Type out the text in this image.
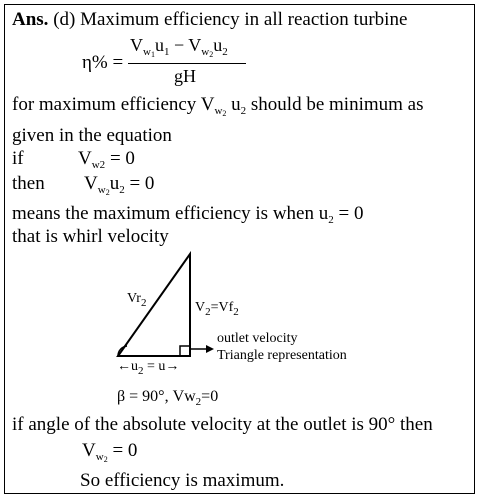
Ans. (d) Maximum efficiency in all reaction turbine
η% =
$V_{w_1}u_1 - V_{w_2}u_2$
gH
for maximum efficiency $V_{w_2}$ $u_2$ should be minimum as
given in the equation
if	$V_{w2} = 0$
then $V_{w_2}u_2 = 0$
means the maximum efficiency is when $u_2 = 0$
that is whirl velocity
$Vr_2$	$V_2=Vf_2$
outlet velocity
Triangle representation
$\leftarrow u_2 = u\to$
β = 90°, $Vw_2=0$
if angle of the absolute velocity at the outlet is 90° then
$V_{w_2} = 0$
So efficiency is maximum.
